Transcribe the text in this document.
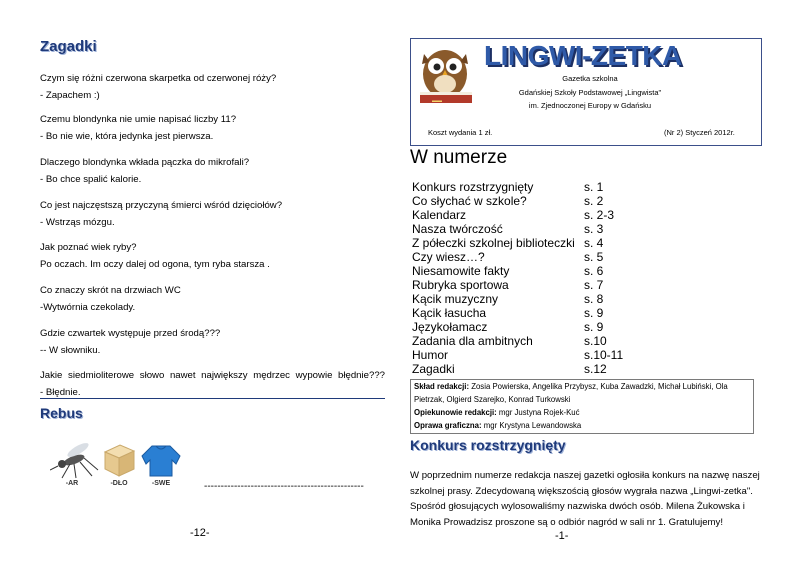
Zagadki
Czym się różni czerwona skarpetka od czerwonej róży?
- Zapachem :)
Czemu blondynka nie umie napisać liczby 11?
- Bo nie wie, która jedynka jest pierwsza.
Dlaczego blondynka wkłada pączka do mikrofali?
- Bo chce spalić kalorie.
Co jest najczęstszą przyczyną śmierci wśród dzięciołów?
- Wstrząs mózgu.
Jak poznać wiek ryby?
Po oczach. Im oczy dalej od ogona, tym ryba starsza .
Co znaczy skrót na drzwiach WC
-Wytwórnia czekolady.
Gdzie czwartek występuje przed środą???
-- W słowniku.
Jakie siedmioliterowe słowo nawet największy mędrzec wypowie błędnie???
- Błędnie.
Rebus
-AR	-DŁO	-SWE	------------------------------------------------
-12-
▬▬
LINGWI-ZETKA
Gazetka szkolna
Gdańskiej Szkoły Podstawowej „Lingwista"
im. Zjednoczonej Europy w Gdańsku
Koszt wydania 1 zł.	(Nr 2) Styczeń 2012r.
W numerze
Konkurs rozstrzygnięty	s. 1
Co słychać w szkole?	s. 2
Kalendarz	s. 2-3
Nasza twórczość	s. 3
Z półeczki szkolnej biblioteczki s. 4
Czy wiesz…?	s. 5
Niesamowite fakty	s. 6
Rubryka sportowa	s. 7
Kącik muzyczny	s. 8
Kącik łasucha	s. 9
Językołamacz	s. 9
Zadania dla ambitnych	s.10
Humor	s.10-11
Zagadki	s.12
Skład redakcji: Zosia Powierska, Angelika Przybysz, Kuba Zawadzki, Michał Lubiński, Ola
Pietrzak, Olgierd Szarejko, Konrad Turkowski
Opiekunowie redakcji: mgr Justyna Rojek-Kuć
Oprawa graficzna: mgr Krystyna Lewandowska
Konkurs rozstrzygnięty
W poprzednim numerze redakcja naszej gazetki ogłosiła konkurs na nazwę naszej
szkolnej prasy. Zdecydowaną większością głosów wygrała nazwa „Lingwi-zetka".
Spośród głosujących wylosowaliśmy nazwiska dwóch osób. Milena Żukowska i
Monika Prowadzisz proszone są o odbiór nagród w sali nr 1. Gratulujemy!
-1-
